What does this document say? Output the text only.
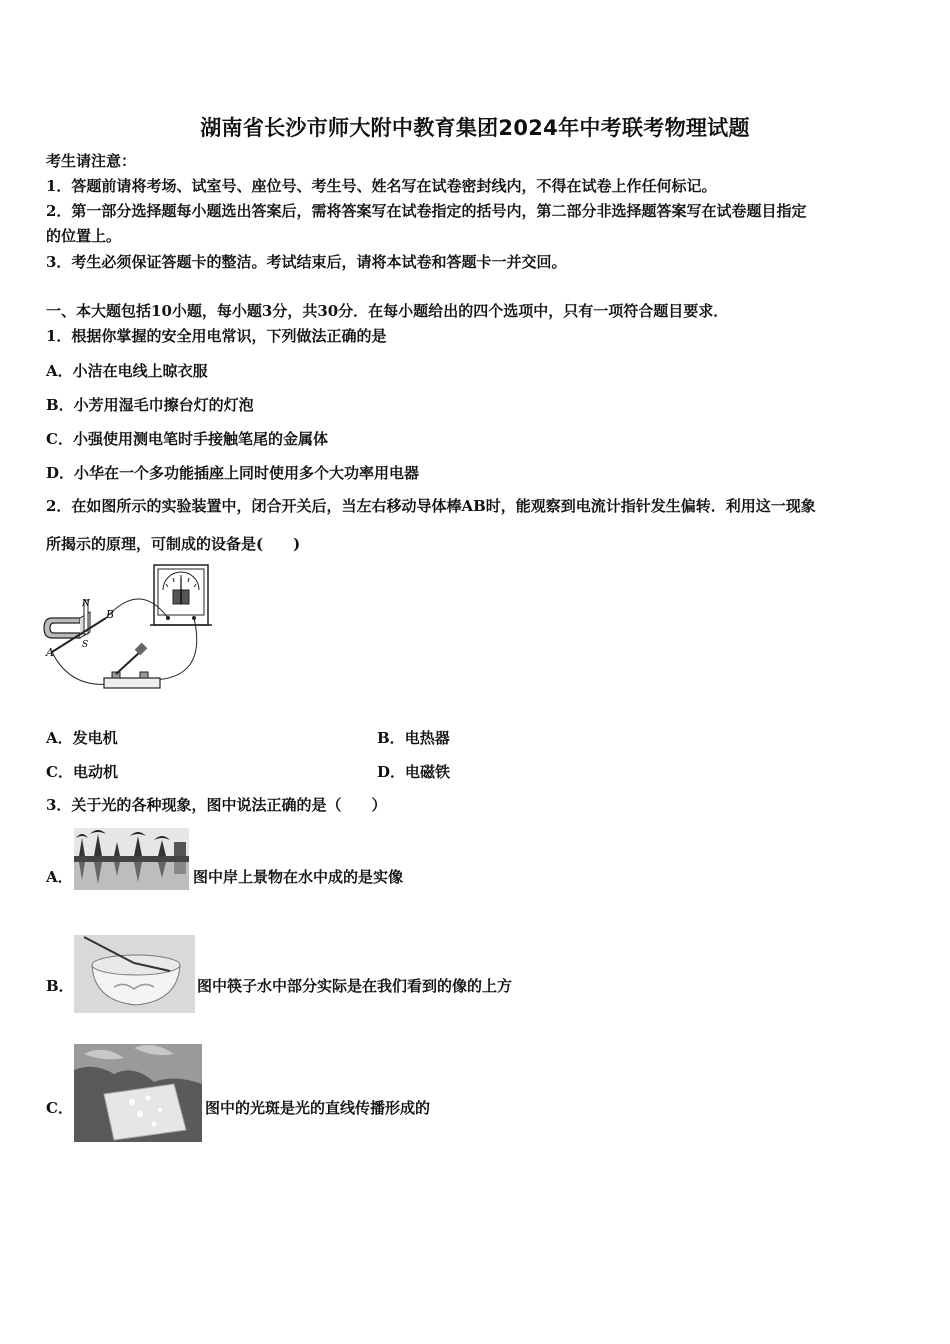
湖南省长沙市师大附中教育集团2024年中考联考物理试题
考生请注意：
1．答题前请将考场、试室号、座位号、考生号、姓名写在试卷密封线内，不得在试卷上作任何标记。
2．第一部分选择题每小题选出答案后，需将答案写在试卷指定的括号内，第二部分非选择题答案写在试卷题目指定
的位置上。
3．考生必须保证答题卡的整洁。考试结束后，请将本试卷和答题卡一并交回。
一、本大题包括10小题，每小题3分，共30分．在每小题给出的四个选项中，只有一项符合题目要求．
1．根据你掌握的安全用电常识，下列做法正确的是
A．小洁在电线上晾衣服
B．小芳用湿毛巾擦台灯的灯泡
C．小强使用测电笔时手接触笔尾的金属体
D．小华在一个多功能插座上同时使用多个大功率用电器
2．在如图所示的实验装置中，闭合开关后，当左右移动导体棒AB时，能观察到电流计指针发生偏转．利用这一现象
所揭示的原理，可制成的设备是(　　)
N
S
B
A
A．发电机	B．电热器
C．电动机	D．电磁铁
3．关于光的各种现象，图中说法正确的是（　　）
A．	图中岸上景物在水中成的是实像
B．	图中筷子水中部分实际是在我们看到的像的上方
C．	图中的光斑是光的直线传播形成的
